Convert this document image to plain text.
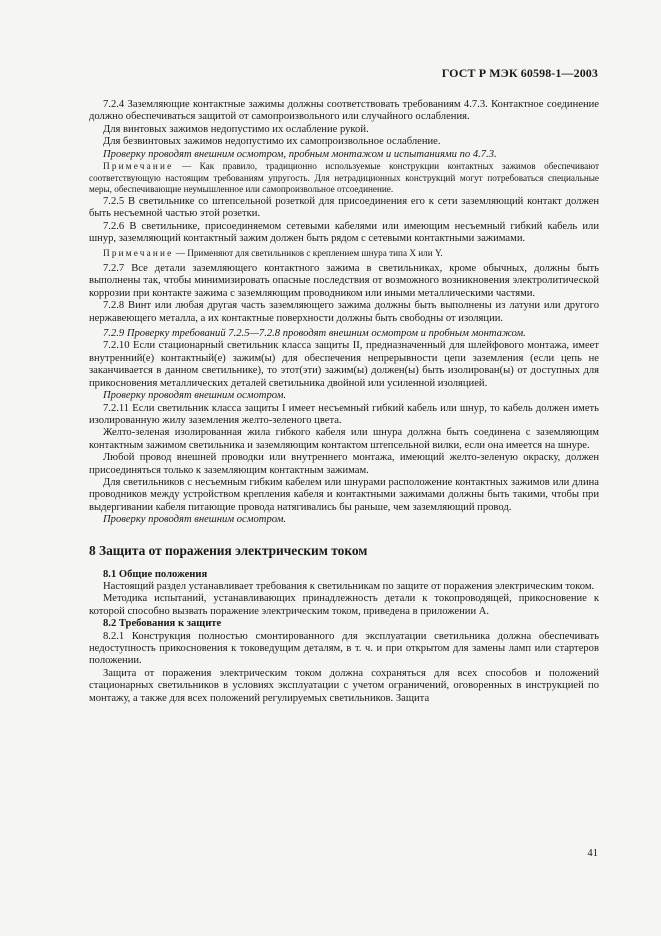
ГОСТ Р МЭК 60598-1—2003

7.2.4 Заземляющие контактные зажимы должны соответствовать требованиям 4.7.3. Контактное соединение должно обеспечиваться защитой от самопроизвольного или случайного ослабления.

Для винтовых зажимов недопустимо их ослабление рукой.

Для безвинтовых зажимов недопустимо их самопроизвольное ослабление.

Проверку проводят внешним осмотром, пробным монтажом и испытаниями по 4.7.3.

Примечание — Как правило, традиционно используемые конструкции контактных зажимов обеспечивают соответствующую настоящим требованиям упругость. Для нетрадиционных конструкций могут потребоваться специальные меры, обеспечивающие неумышленное или самопроизвольное отсоединение.

7.2.5 В светильнике со штепсельной розеткой для присоединения его к сети заземляющий контакт должен быть несъемной частью этой розетки.

7.2.6 В светильнике, присоединяемом сетевыми кабелями или имеющим несъемный гибкий кабель или шнур, заземляющий контактный зажим должен быть рядом с сетевыми контактными зажимами.

Примечание — Применяют для светильников с креплением шнура типа X или Y.

7.2.7 Все детали заземляющего контактного зажима в светильниках, кроме обычных, должны быть выполнены так, чтобы минимизировать опасные последствия от возможного возникновения электролитической коррозии при контакте зажима с заземляющим проводником или иными металлическими частями.

7.2.8 Винт или любая другая часть заземляющего зажима должны быть выполнены из латуни или другого нержавеющего металла, а их контактные поверхности должны быть свободны от изоляции.

7.2.9 Проверку требований 7.2.5—7.2.8 проводят внешним осмотром и пробным монтажом.

7.2.10 Если стационарный светильник класса защиты II, предназначенный для шлейфового монтажа, имеет внутренний(е) контактный(е) зажим(ы) для обеспечения непрерывности цепи заземления (если цепь не заканчивается в данном светильнике), то этот(эти) зажим(ы) должен(ы) быть изолирован(ы) от доступных для прикосновения металлических деталей светильника двойной или усиленной изоляцией.

Проверку проводят внешним осмотром.

7.2.11 Если светильник класса защиты I имеет несъемный гибкий кабель или шнур, то кабель должен иметь изолированную жилу заземления желто-зеленого цвета.

Желто-зеленая изолированная жила гибкого кабеля или шнура должна быть соединена с заземляющим контактным зажимом светильника и заземляющим контактом штепсельной вилки, если она имеется на шнуре.

Любой провод внешней проводки или внутреннего монтажа, имеющий желто-зеленую окраску, должен присоединяться только к заземляющим контактным зажимам.

Для светильников с несъемным гибким кабелем или шнурами расположение контактных зажимов или длина проводников между устройством крепления кабеля и контактными зажимами должны быть такими, чтобы при выдергивании кабеля питающие провода натягивались бы раньше, чем заземляющий провод.

Проверку проводят внешним осмотром.

8 Защита от поражения электрическим током
8.1 Общие положения

Настоящий раздел устанавливает требования к светильникам по защите от поражения электрическим током.

Методика испытаний, устанавливающих принадлежность детали к токопроводящей, прикосновение к которой способно вызвать поражение электрическим током, приведена в приложении А.

8.2 Требования к защите

8.2.1 Конструкция полностью смонтированного для эксплуатации светильника должна обеспечивать недоступность прикосновения к токоведущим деталям, в т. ч. и при открытом для замены ламп или стартеров положении.

Защита от поражения электрическим током должна сохраняться для всех способов и положений стационарных светильников в условиях эксплуатации с учетом ограничений, оговоренных в инструкцией по монтажу, а также для всех положений регулируемых светильников. Защита

41
